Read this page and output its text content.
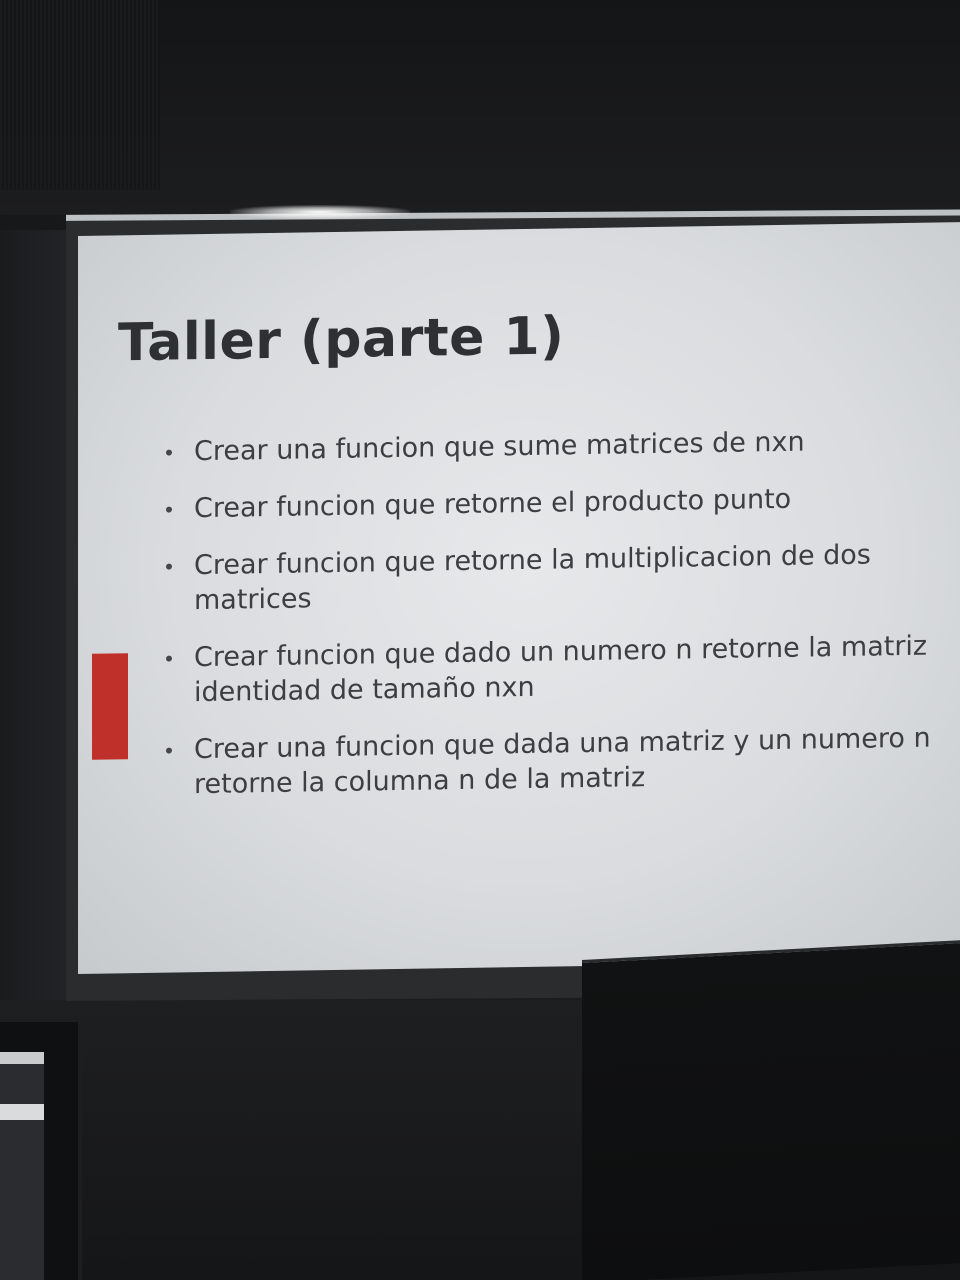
Taller (parte 1)
Crear una funcion que sume matrices de nxn
Crear funcion que retorne el producto punto
Crear funcion que retorne la multiplicacion de dos matrices
Crear funcion que dado un numero n retorne la matriz identidad de tamaño nxn
Crear una funcion que dada una matriz y un numero n retorne la columna n de la matriz
